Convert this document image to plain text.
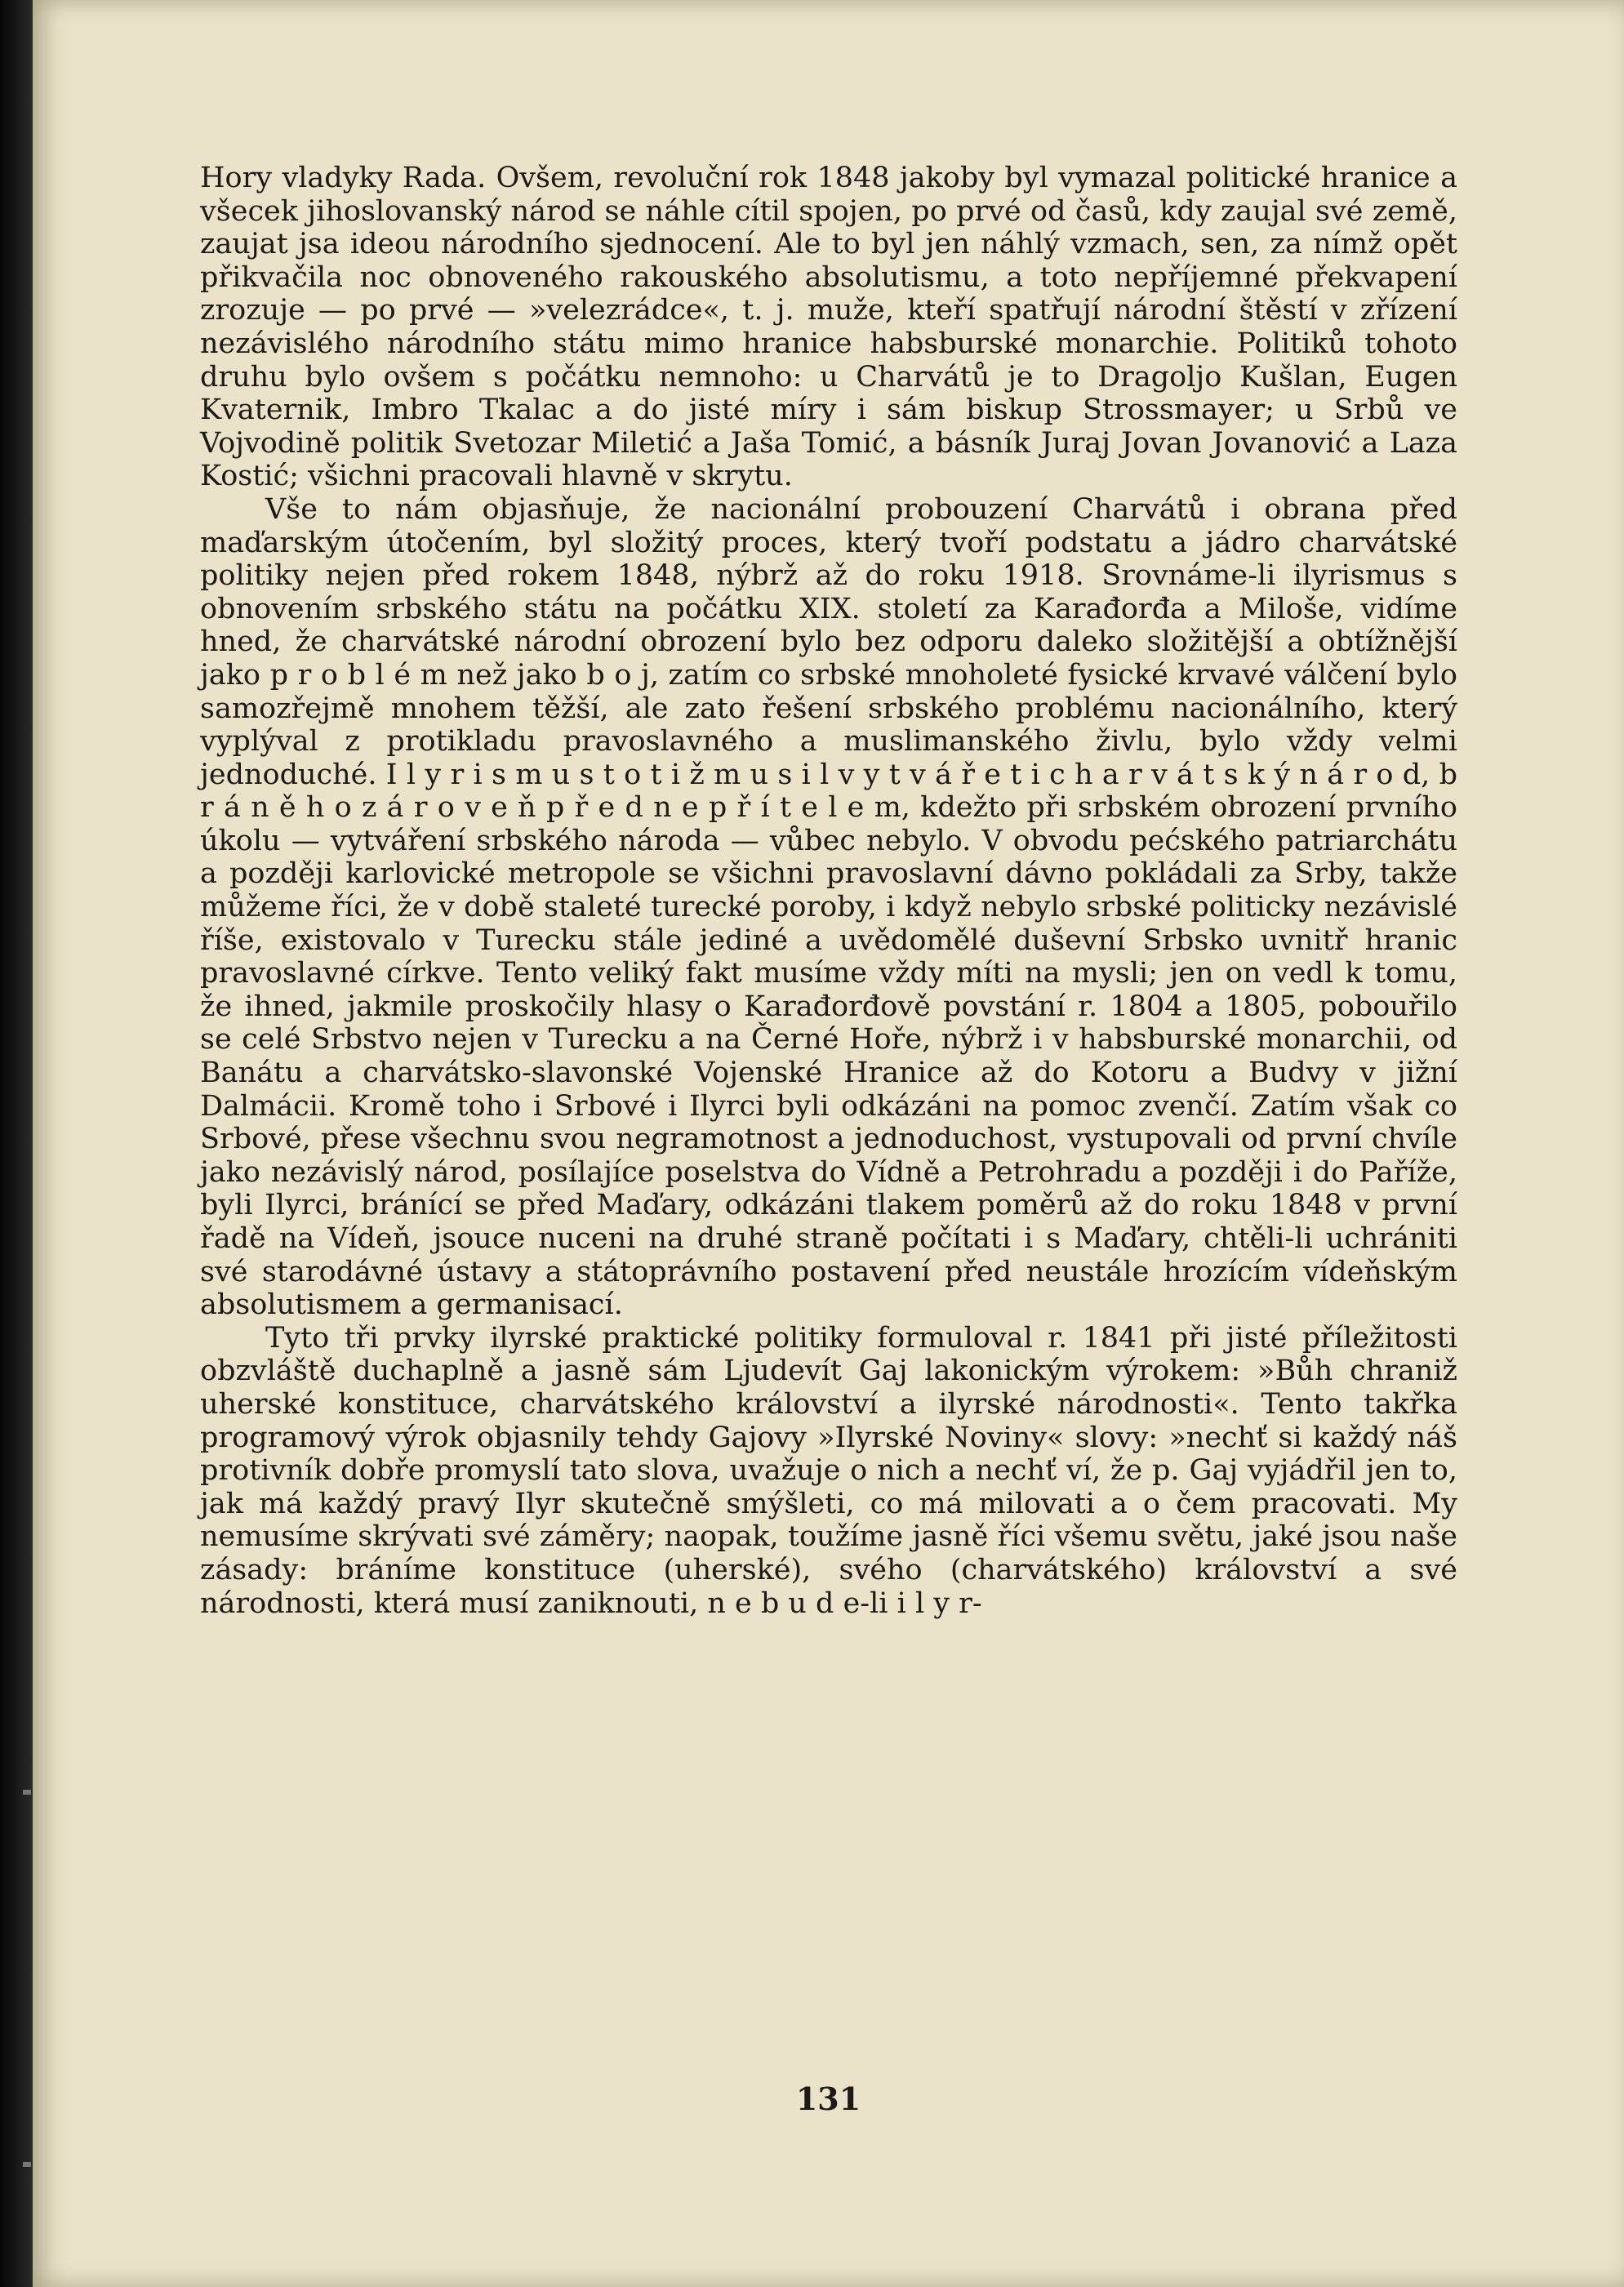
Hory vladyky Rada. Ovšem, revoluční rok 1848 jakoby byl vymazal politické hranice a všecek jihoslovanský národ se náhle cítil spojen, po prvé od časů, kdy zaujal své země, zaujat jsa ideou národního sjednocení. Ale to byl jen náhlý vzmach, sen, za nímž opět přikvačila noc obnoveného rakouského absolutismu, a toto nepříjemné překvapení zrozuje — po prvé — »velezrádce«, t. j. muže, kteří spatřují národní štěstí v zřízení nezávislého národního státu mimo hranice habsburské monarchie. Politiků tohoto druhu bylo ovšem s počátku nemnoho: u Charvátů je to Dragoljo Kušlan, Eugen Kvaternik, Imbro Tkalac a do jisté míry i sám biskup Strossmayer; u Srbů ve Vojvodině politik Svetozar Miletić a Jaša Tomić, a básník Juraj Jovan Jovanović a Laza Kostić; všichni pracovali hlavně v skrytu.

Vše to nám objasňuje, že nacionální probouzení Charvátů i obrana před maďarským útočením, byl složitý proces, který tvoří podstatu a jádro charvátské politiky nejen před rokem 1848, nýbrž až do roku 1918. Srovnáme-li ilyrismus s obnovením srbského státu na počátku XIX. století za Karađorđa a Miloše, vidíme hned, že charvátské národní obrození bylo bez odporu daleko složitější a obtížnější jako p r o b l é m než jako b o j, zatím co srbské mnoholeté fysické krvavé válčení bylo samozřejmě mnohem těžší, ale zato řešení srbského problému nacionálního, který vyplýval z protikladu pravoslavného a muslimanského živlu, bylo vždy velmi jednoduché. I l y r i s m u s t o t i ž m u s i l v y t v á ř e t i c h a r v á t s k ý n á r o d, b r á n ě h o z á r o v e ň p ř e d n e p ř í t e l e m, kdežto při srbském obrození prvního úkolu — vytváření srbského národa — vůbec nebylo. V obvodu pećského patriarchátu a později karlovické metropole se všichni pravoslavní dávno pokládali za Srby, takže můžeme říci, že v době staleté turecké poroby, i když nebylo srbské politicky nezávislé říše, existovalo v Turecku stále jediné a uvědomělé duševní Srbsko uvnitř hranic pravoslavné církve. Tento veliký fakt musíme vždy míti na mysli; jen on vedl k tomu, že ihned, jakmile proskočily hlasy o Karađorđově povstání r. 1804 a 1805, pobouřilo se celé Srbstvo nejen v Turecku a na Černé Hoře, nýbrž i v habsburské monarchii, od Banátu a charvátsko-slavonské Vojenské Hranice až do Kotoru a Budvy v jižní Dalmácii. Kromě toho i Srbové i Ilyrci byli odkázáni na pomoc zvenčí. Zatím však co Srbové, přese všechnu svou negramotnost a jednoduchost, vystupovali od první chvíle jako nezávislý národ, posílajíce poselstva do Vídně a Petrohradu a později i do Paříže, byli Ilyrci, bránící se před Maďary, odkázáni tlakem poměrů až do roku 1848 v první řadě na Vídeň, jsouce nuceni na druhé straně počítati i s Maďary, chtěli-li uchrániti své starodávné ústavy a státoprávního postavení před neustále hrozícím vídeňským absolutismem a germanisací.

Tyto tři prvky ilyrské praktické politiky formuloval r. 1841 při jisté příležitosti obzvláště duchaplně a jasně sám Ljudevít Gaj lakonickým výrokem: »Bůh chraniž uherské konstituce, charvátského království a ilyrské národnosti«. Tento takřka programový výrok objasnily tehdy Gajovy »Ilyrské Noviny« slovy: »nechť si každý náš protivník dobře promyslí tato slova, uvažuje o nich a nechť ví, že p. Gaj vyjádřil jen to, jak má každý pravý Ilyr skutečně smýšleti, co má milovati a o čem pracovati. My nemusíme skrývati své záměry; naopak, toužíme jasně říci všemu světu, jaké jsou naše zásady: bráníme konstituce (uherské), svého (charvátského) království a své národnosti, která musí zaniknouti, n e b u d e-li i l y r-

131
